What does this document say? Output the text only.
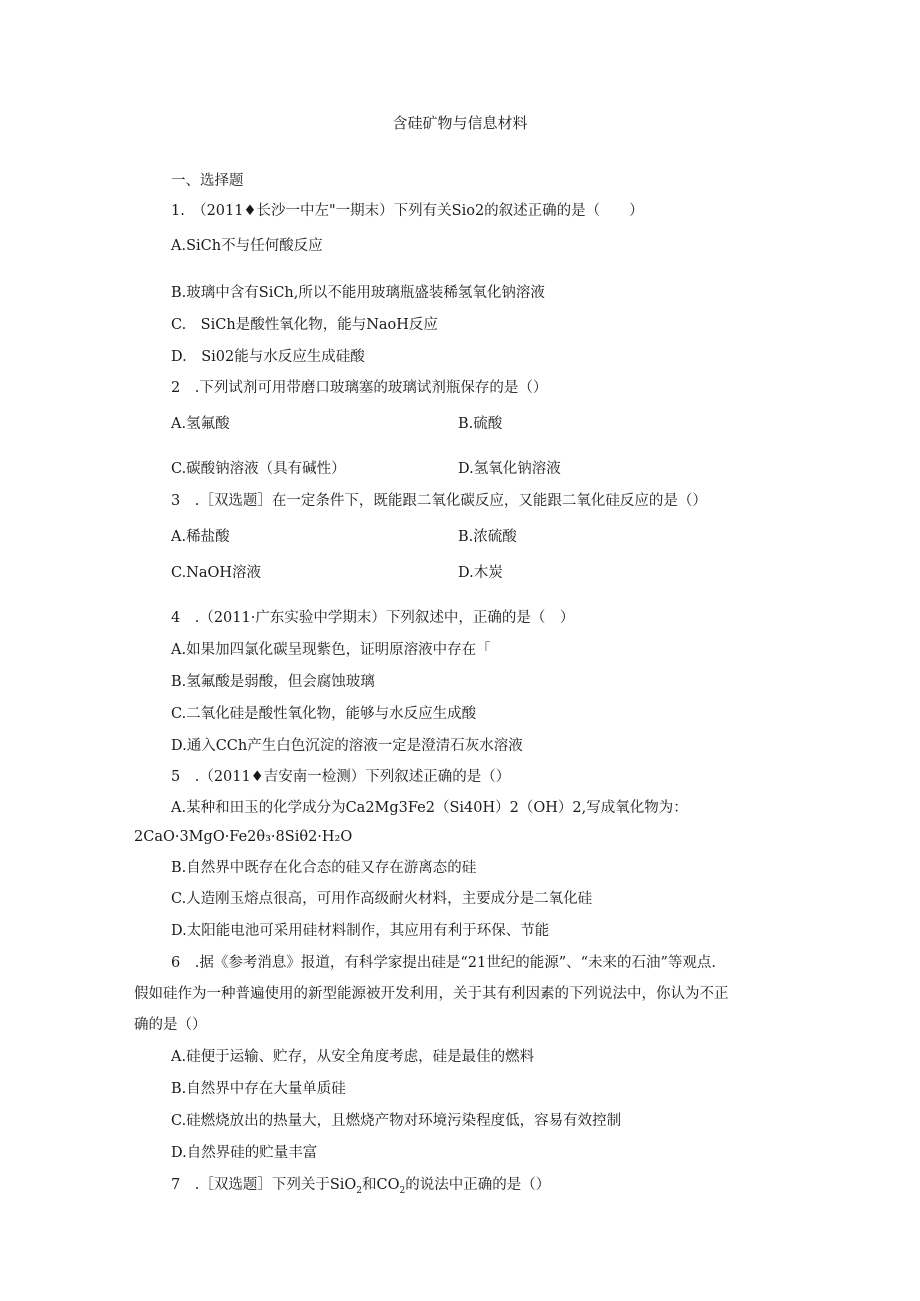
含硅矿物与信息材料
一、选择题
1.　（2011♦长沙一中左"一期末）下列有关Sio2的叙述正确的是（　　）
A.SiCh不与任何酸反应
B.玻璃中含有SiCh,所以不能用玻璃瓶盛装稀氢氧化钠溶液
C.　SiCh是酸性氧化物，能与NaoH反应
D.　Si02能与水反应生成硅酸
2　.下列试剂可用带磨口玻璃塞的玻璃试剂瓶保存的是（）
A.氢氟酸	B.硫酸
C.碳酸钠溶液（具有碱性）	D.氢氧化钠溶液
3　.［双选题］在一定条件下，既能跟二氧化碳反应，又能跟二氧化硅反应的是（）
A.稀盐酸	B.浓硫酸
C.NaOH溶液	D.木炭
4　.（2011·广东实验中学期末）下列叙述中，正确的是（　）
A.如果加四氯化碳呈现紫色，证明原溶液中存在「
B.氢氟酸是弱酸，但会腐蚀玻璃
C.二氧化硅是酸性氧化物，能够与水反应生成酸
D.通入CCh产生白色沉淀的溶液一定是澄清石灰水溶液
5　.（2011♦吉安南一检测）下列叙述正确的是（）
A.某种和田玉的化学成分为Ca2Mg3Fe2（Si40H）2（OH）2,写成氧化物为：
2CaO·3MgO·Fe2θ₃·8Siθ2·H₂O
B.自然界中既存在化合态的硅又存在游离态的硅
C.人造刚玉熔点很高，可用作高级耐火材料，主要成分是二氧化硅
D.太阳能电池可采用硅材料制作，其应用有利于环保、节能
6　.据《参考消息》报道，有科学家提出硅是“21世纪的能源”、“未来的石油”等观点.
假如硅作为一种普遍使用的新型能源被开发利用，关于其有利因素的下列说法中，你认为不正
确的是（）
A.硅便于运输、贮存，从安全角度考虑，硅是最佳的燃料
B.自然界中存在大量单质硅
C.硅燃烧放出的热量大，且燃烧产物对环境污染程度低，容易有效控制
D.自然界硅的贮量丰富
7　.［双选题］下列关于SiO$_2$和$CO_2$的说法中正确的是（）
